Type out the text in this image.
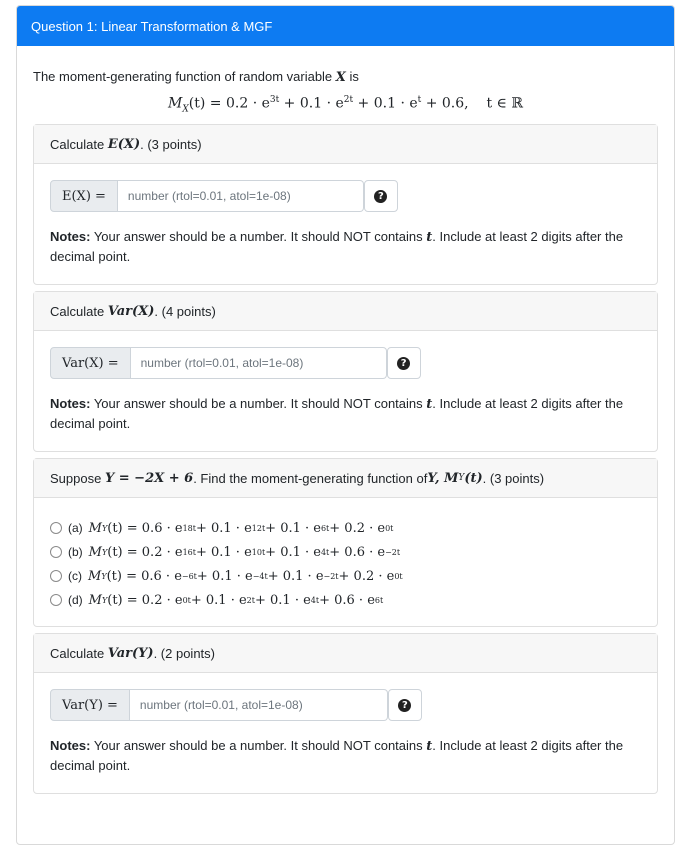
Question 1: Linear Transformation & MGF
The moment-generating function of random variable X is
$M_X(t) = 0.2 \cdot e^{3t} + 0.1 \cdot e^{2t} + 0.1 \cdot e^t + 0.6$, t ∈ ℝ
Calculate
E(X) . (3 points)
E(X) =
number (rtol=0.01, atol=1e-08)	?
Notes: Your answer should be a number. It should NOT contains t. Include at least 2 digits after the decimal point.
Calculate
Var(X) . (4 points)
Var(X) =
number (rtol=0.01, atol=1e-08)	?
Notes: Your answer should be a number. It should NOT contains t. Include at least 2 digits after the decimal point.
Suppose
Y = −2X + 6 . Find the moment-generating function of Y, M Y (t) . (3 points)
(a) M Y (t) = 0.6 · e 18t + 0.1 · e 12t + 0.1 · e 6t + 0.2 · e 0t
(b) M Y (t) = 0.2 · e 16t + 0.1 · e 10t + 0.1 · e 4t + 0.6 · e −2t
(c) M Y (t) = 0.6 · e −6t + 0.1 · e −4t + 0.1 · e −2t + 0.2 · e 0t
(d) M Y (t) = 0.2 · e 0t + 0.1 · e 2t + 0.1 · e 4t + 0.6 · e 6t
Calculate
Var(Y) . (2 points)
Var(Y) =
number (rtol=0.01, atol=1e-08)	?
Notes: Your answer should be a number. It should NOT contains t. Include at least 2 digits after the decimal point.
